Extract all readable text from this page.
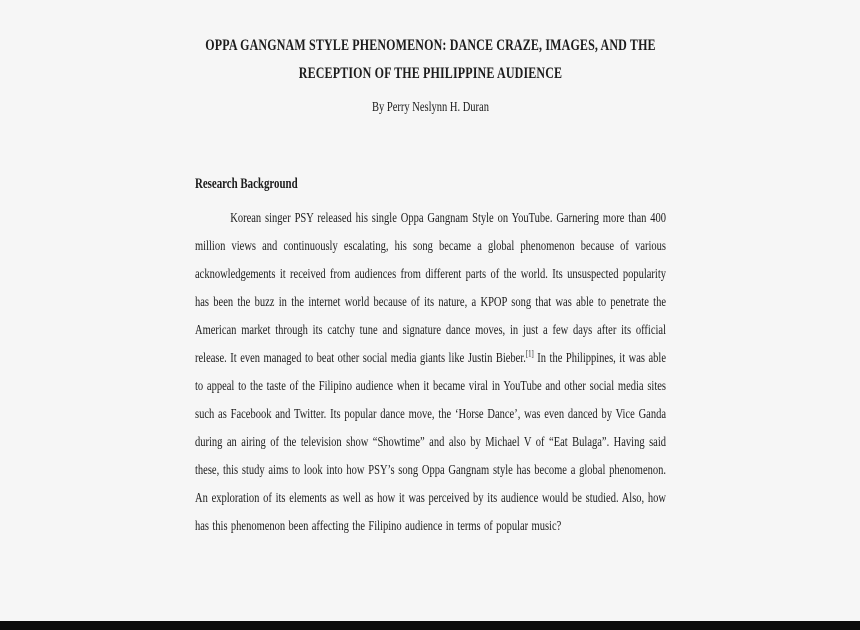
OPPA GANGNAM STYLE PHENOMENON: DANCE CRAZE, IMAGES, AND THE
RECEPTION OF THE PHILIPPINE AUDIENCE
By Perry Neslynn H. Duran
Research Background

Korean singer PSY released his single Oppa Gangnam Style on YouTube. Garnering more than 400 million views and continuously escalating, his song became a global phenomenon because of various acknowledgements it received from audiences from different parts of the world. Its unsuspected popularity has been the buzz in the internet world because of its nature, a KPOP song that was able to penetrate the American market through its catchy tune and signature dance moves, in just a few days after its official release. It even managed to beat other social media giants like Justin Bieber.[1] In the Philippines, it was able to appeal to the taste of the Filipino audience when it became viral in YouTube and other social media sites such as Facebook and Twitter. Its popular dance move, the ‘Horse Dance’, was even danced by Vice Ganda during an airing of the television show “Showtime” and also by Michael V of “Eat Bulaga”. Having said these, this study aims to look into how PSY’s song Oppa Gangnam style has become a global phenomenon. An exploration of its elements as well as how it was perceived by its audience would be studied. Also, how has this phenomenon been affecting the Filipino audience in terms of popular music?
